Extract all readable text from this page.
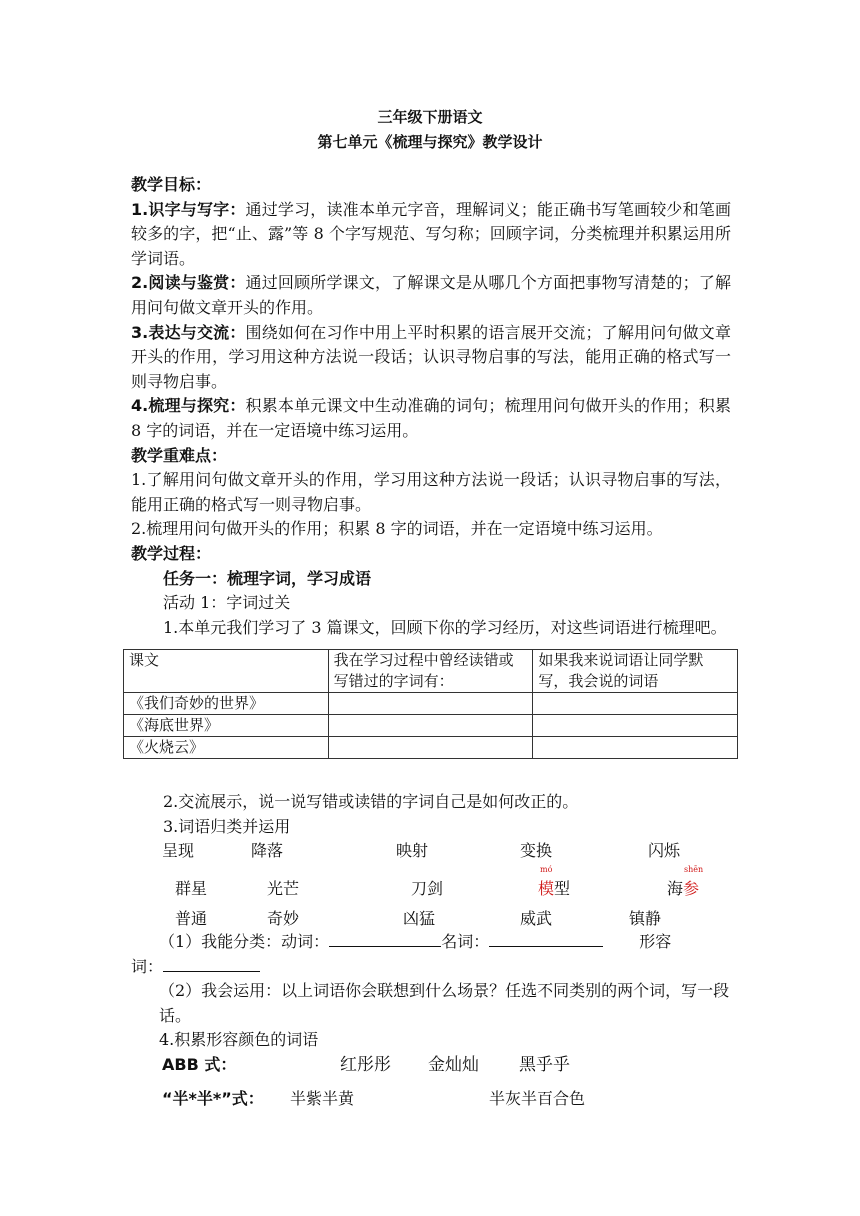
三年级下册语文
第七单元《梳理与探究》教学设计

教学目标：

1.识字与写字：通过学习，读准本单元字音，理解词义；能正确书写笔画较少和笔画较多的字，把“止、露”等 8 个字写规范、写匀称；回顾字词，分类梳理并积累运用所学词语。

2.阅读与鉴赏：通过回顾所学课文，了解课文是从哪几个方面把事物写清楚的；了解用问句做文章开头的作用。

3.表达与交流：围绕如何在习作中用上平时积累的语言展开交流；了解用问句做文章开头的作用，学习用这种方法说一段话；认识寻物启事的写法，能用正确的格式写一则寻物启事。

4.梳理与探究：积累本单元课文中生动准确的词句；梳理用问句做开头的作用；积累 8 字的词语，并在一定语境中练习运用。

教学重难点：

1.了解用问句做文章开头的作用，学习用这种方法说一段话；认识寻物启事的写法，能用正确的格式写一则寻物启事。

2.梳理用问句做开头的作用；积累 8 字的词语，并在一定语境中练习运用。

教学过程：

任务一：梳理字词，学习成语

活动 1：字词过关

1.本单元我们学习了 3 篇课文，回顾下你的学习经历，对这些词语进行梳理吧。

课文	我在学习过程中曾经读错或写错过的字词有：	如果我来说词语让同学默写，我会说的词语
《我们奇妙的世界》		
《海底世界》		
《火烧云》		

2.交流展示，说一说写错或读错的字词自己是如何改正的。

3.词语归类并运用

呈现	降落	映射	变换	闪烁
群星	光芒	刀剑
mó
模型
shēn
海参
普通	奇妙	凶猛	威武	镇静

（1）我能分类：动词：	名词：	形容

词：

（2）我会运用：以上词语你会联想到什么场景？任选不同类别的两个词，写一段话。

4.积累形容颜色的词语

ABB 式：	红彤彤 金灿灿 黑乎乎
“半*半*”式： 半紫半黄	半灰半百合色
